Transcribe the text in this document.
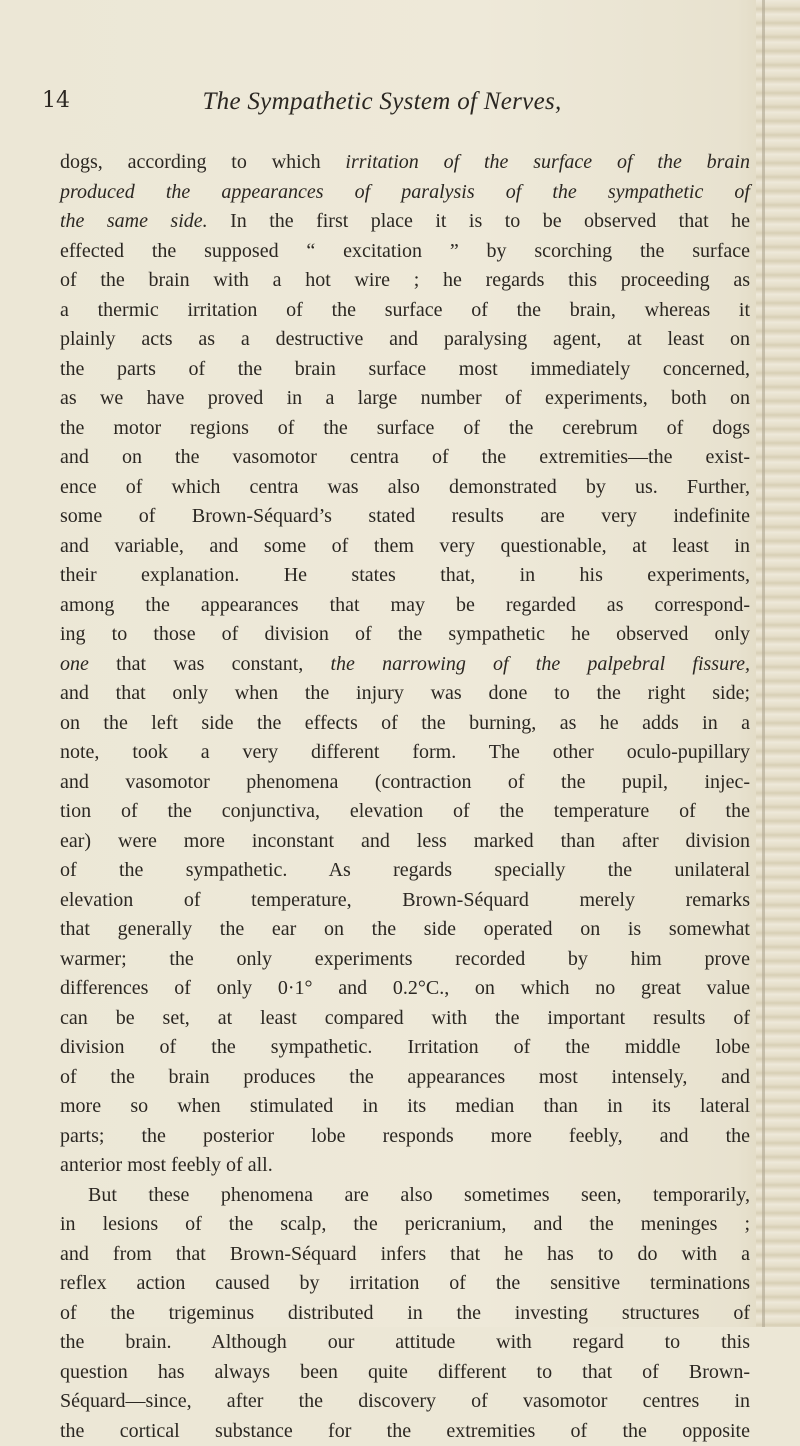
14	The Sympathetic System of Nerves,
dogs, according to which irritation of the surface of the brain
produced the appearances of paralysis of the sympathetic of
the same side. In the first place it is to be observed that he
effected the supposed “ excitation ” by scorching the surface
of the brain with a hot wire ; he regards this proceeding as
a thermic irritation of the surface of the brain, whereas it
plainly acts as a destructive and paralysing agent, at least on
the parts of the brain surface most immediately concerned,
as we have proved in a large number of experiments, both on
the motor regions of the surface of the cerebrum of dogs
and on the vasomotor centra of the extremities—the exist-
ence of which centra was also demonstrated by us. Further,
some of Brown-Séquard’s stated results are very indefinite
and variable, and some of them very questionable, at least in
their explanation. He states that, in his experiments,
among the appearances that may be regarded as correspond-
ing to those of division of the sympathetic he observed only
one that was constant, the narrowing of the palpebral fissure,
and that only when the injury was done to the right side;
on the left side the effects of the burning, as he adds in a
note, took a very different form. The other oculo-pupillary
and vasomotor phenomena (contraction of the pupil, injec-
tion of the conjunctiva, elevation of the temperature of the
ear) were more inconstant and less marked than after division
of the sympathetic. As regards specially the unilateral
elevation of temperature, Brown-Séquard merely remarks
that generally the ear on the side operated on is somewhat
warmer; the only experiments recorded by him prove
differences of only 0·1° and 0.2°C., on which no great value
can be set, at least compared with the important results of
division of the sympathetic. Irritation of the middle lobe
of the brain produces the appearances most intensely, and
more so when stimulated in its median than in its lateral
parts; the posterior lobe responds more feebly, and the
anterior most feebly of all.
But these phenomena are also sometimes seen, temporarily,
in lesions of the scalp, the pericranium, and the meninges ;
and from that Brown-Séquard infers that he has to do with a
reflex action caused by irritation of the sensitive terminations
of the trigeminus distributed in the investing structures of
the brain. Although our attitude with regard to this
question has always been quite different to that of Brown-
Séquard—since, after the discovery of vasomotor centres in
the cortical substance for the extremities of the opposite
